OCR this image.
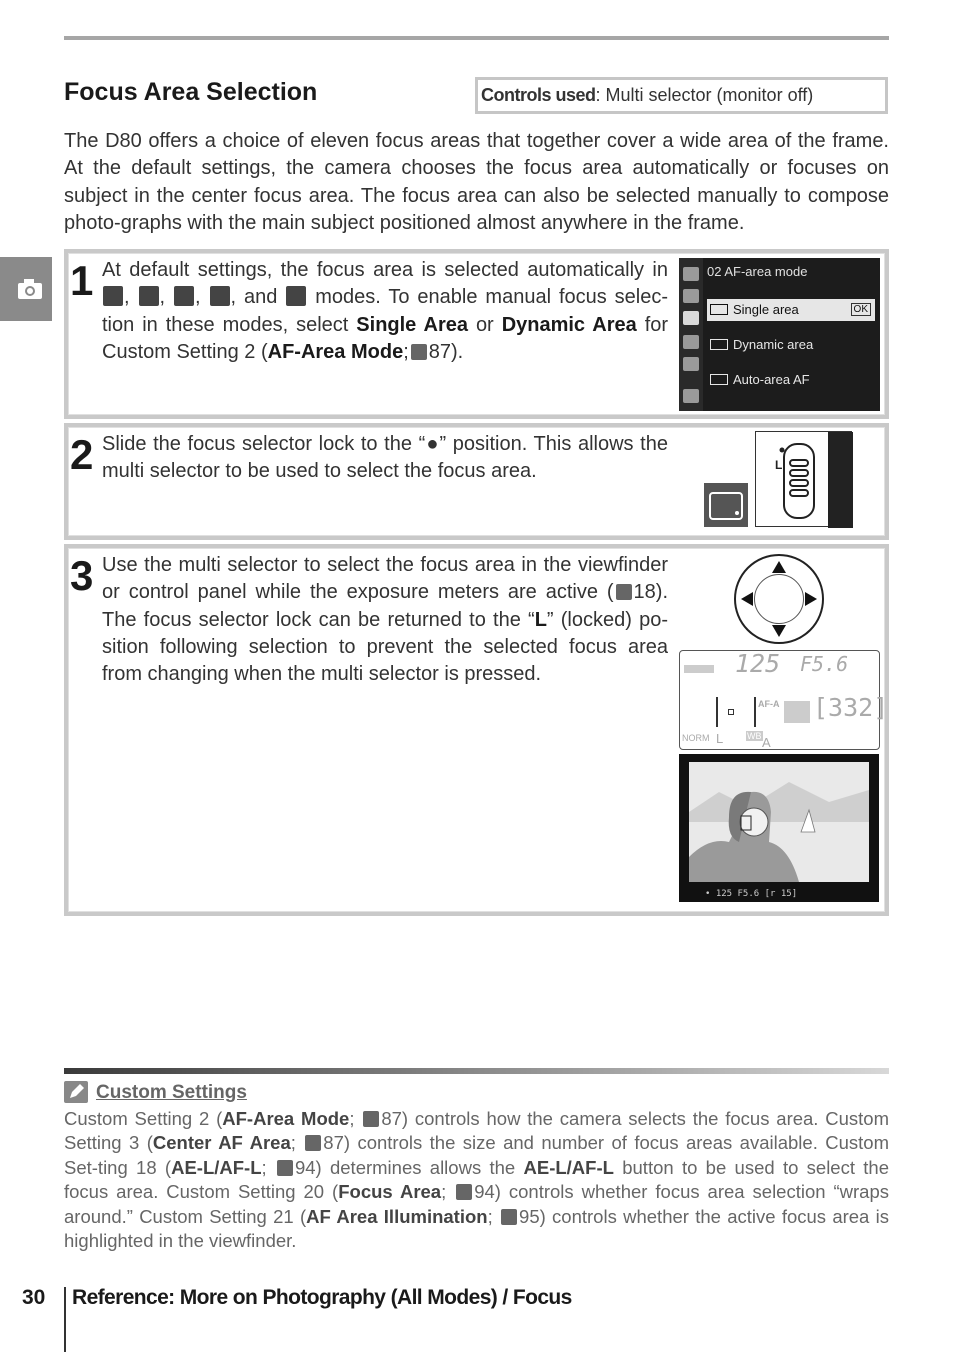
Focus Area Selection	Controls used: Multi selector (monitor off)
The D80 offers a choice of eleven focus areas that together cover a wide area of the frame. At the default settings, the camera chooses the focus area automatically or focuses on subject in the center focus area. The focus area can also be selected manually to compose photo-graphs with the main subject positioned almost anywhere in the frame.
1 At default settings, the focus area is selected automatically in , , , , and modes. To enable manual focus selec-tion in these modes, select Single Area or Dynamic Area for Custom Setting 2 (AF-Area Mode; 87).
02 AF-area mode
Single area	OK
Dynamic area
Auto-area AF
2 Slide the focus selector lock to the “●” position. This allows the multi selector to be used to select the focus area.	L
3 Use the multi selector to select the focus area in the viewfinder or control panel while the exposure meters are active ( 18). The focus selector lock can be returned to the “L” (locked) po-sition following selection to prevent the selected focus area from changing when the multi selector is pressed.	125 F5.6
AF-A [332]
NORM L	WB A
• 125 F5.6 [r 15]
Custom Settings
Custom Setting 2 (AF-Area Mode; 87) controls how the camera selects the focus area. Custom Setting 3 (Center AF Area; 87) controls the size and number of focus areas available. Custom Set-ting 18 (AE-L/AF-L; 94) determines allows the AE-L/AF-L button to be used to select the focus area. Custom Setting 20 (Focus Area; 94) controls whether focus area selection “wraps around.” Custom Setting 21 (AF Area Illumination; 95) controls whether the active focus area is highlighted in the viewfinder.
30 Reference: More on Photography (All Modes) / Focus
